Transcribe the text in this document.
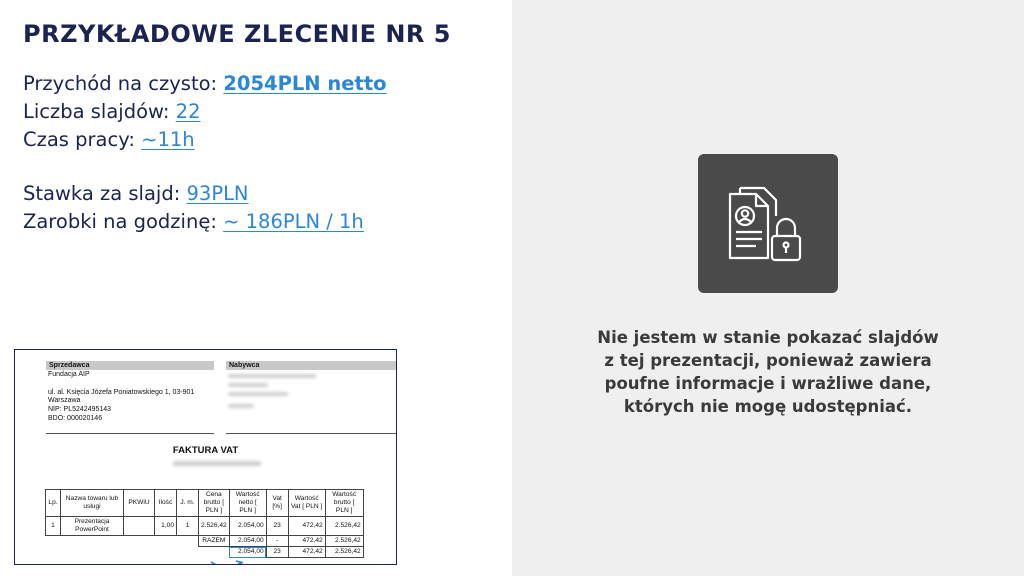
PRZYKŁADOWE ZLECENIE NR 5
Przychód na czysto: 2054PLN netto
Liczba slajdów: 22
Czas pracy: ~11h
Stawka za slajd: 93PLN
Zarobki na godzinę: ~ 186PLN / 1h
Sprzedawca	Nabywca
Fundacja AIP

ul. al. Księcia Józefa Poniatowskiego 1, 03-901
Warszawa
NIP: PL5242495143
BDO: 000020146
FAKTURA VAT
Lp.	Nazwa towaru lub usługi	PKWiU	Ilość	J. m.	Cena brutto [ PLN ]	Wartość netto [ PLN ]	Vat [%]	Wartość Vat [ PLN ]	Wartość brutto [ PLN ]
1	Prezentacja PowerPoint		1,00	1	2.526,42	2.054,00	23	472,42	2.526,42
					RAZEM	2.054,00	-	472,42	2.526,42
						2.054,00	23	472,42	2.526,42
Nie jestem w stanie pokazać slajdów
z tej prezentacji, ponieważ zawiera
poufne informacje i wrażliwe dane,
których nie mogę udostępniać.
